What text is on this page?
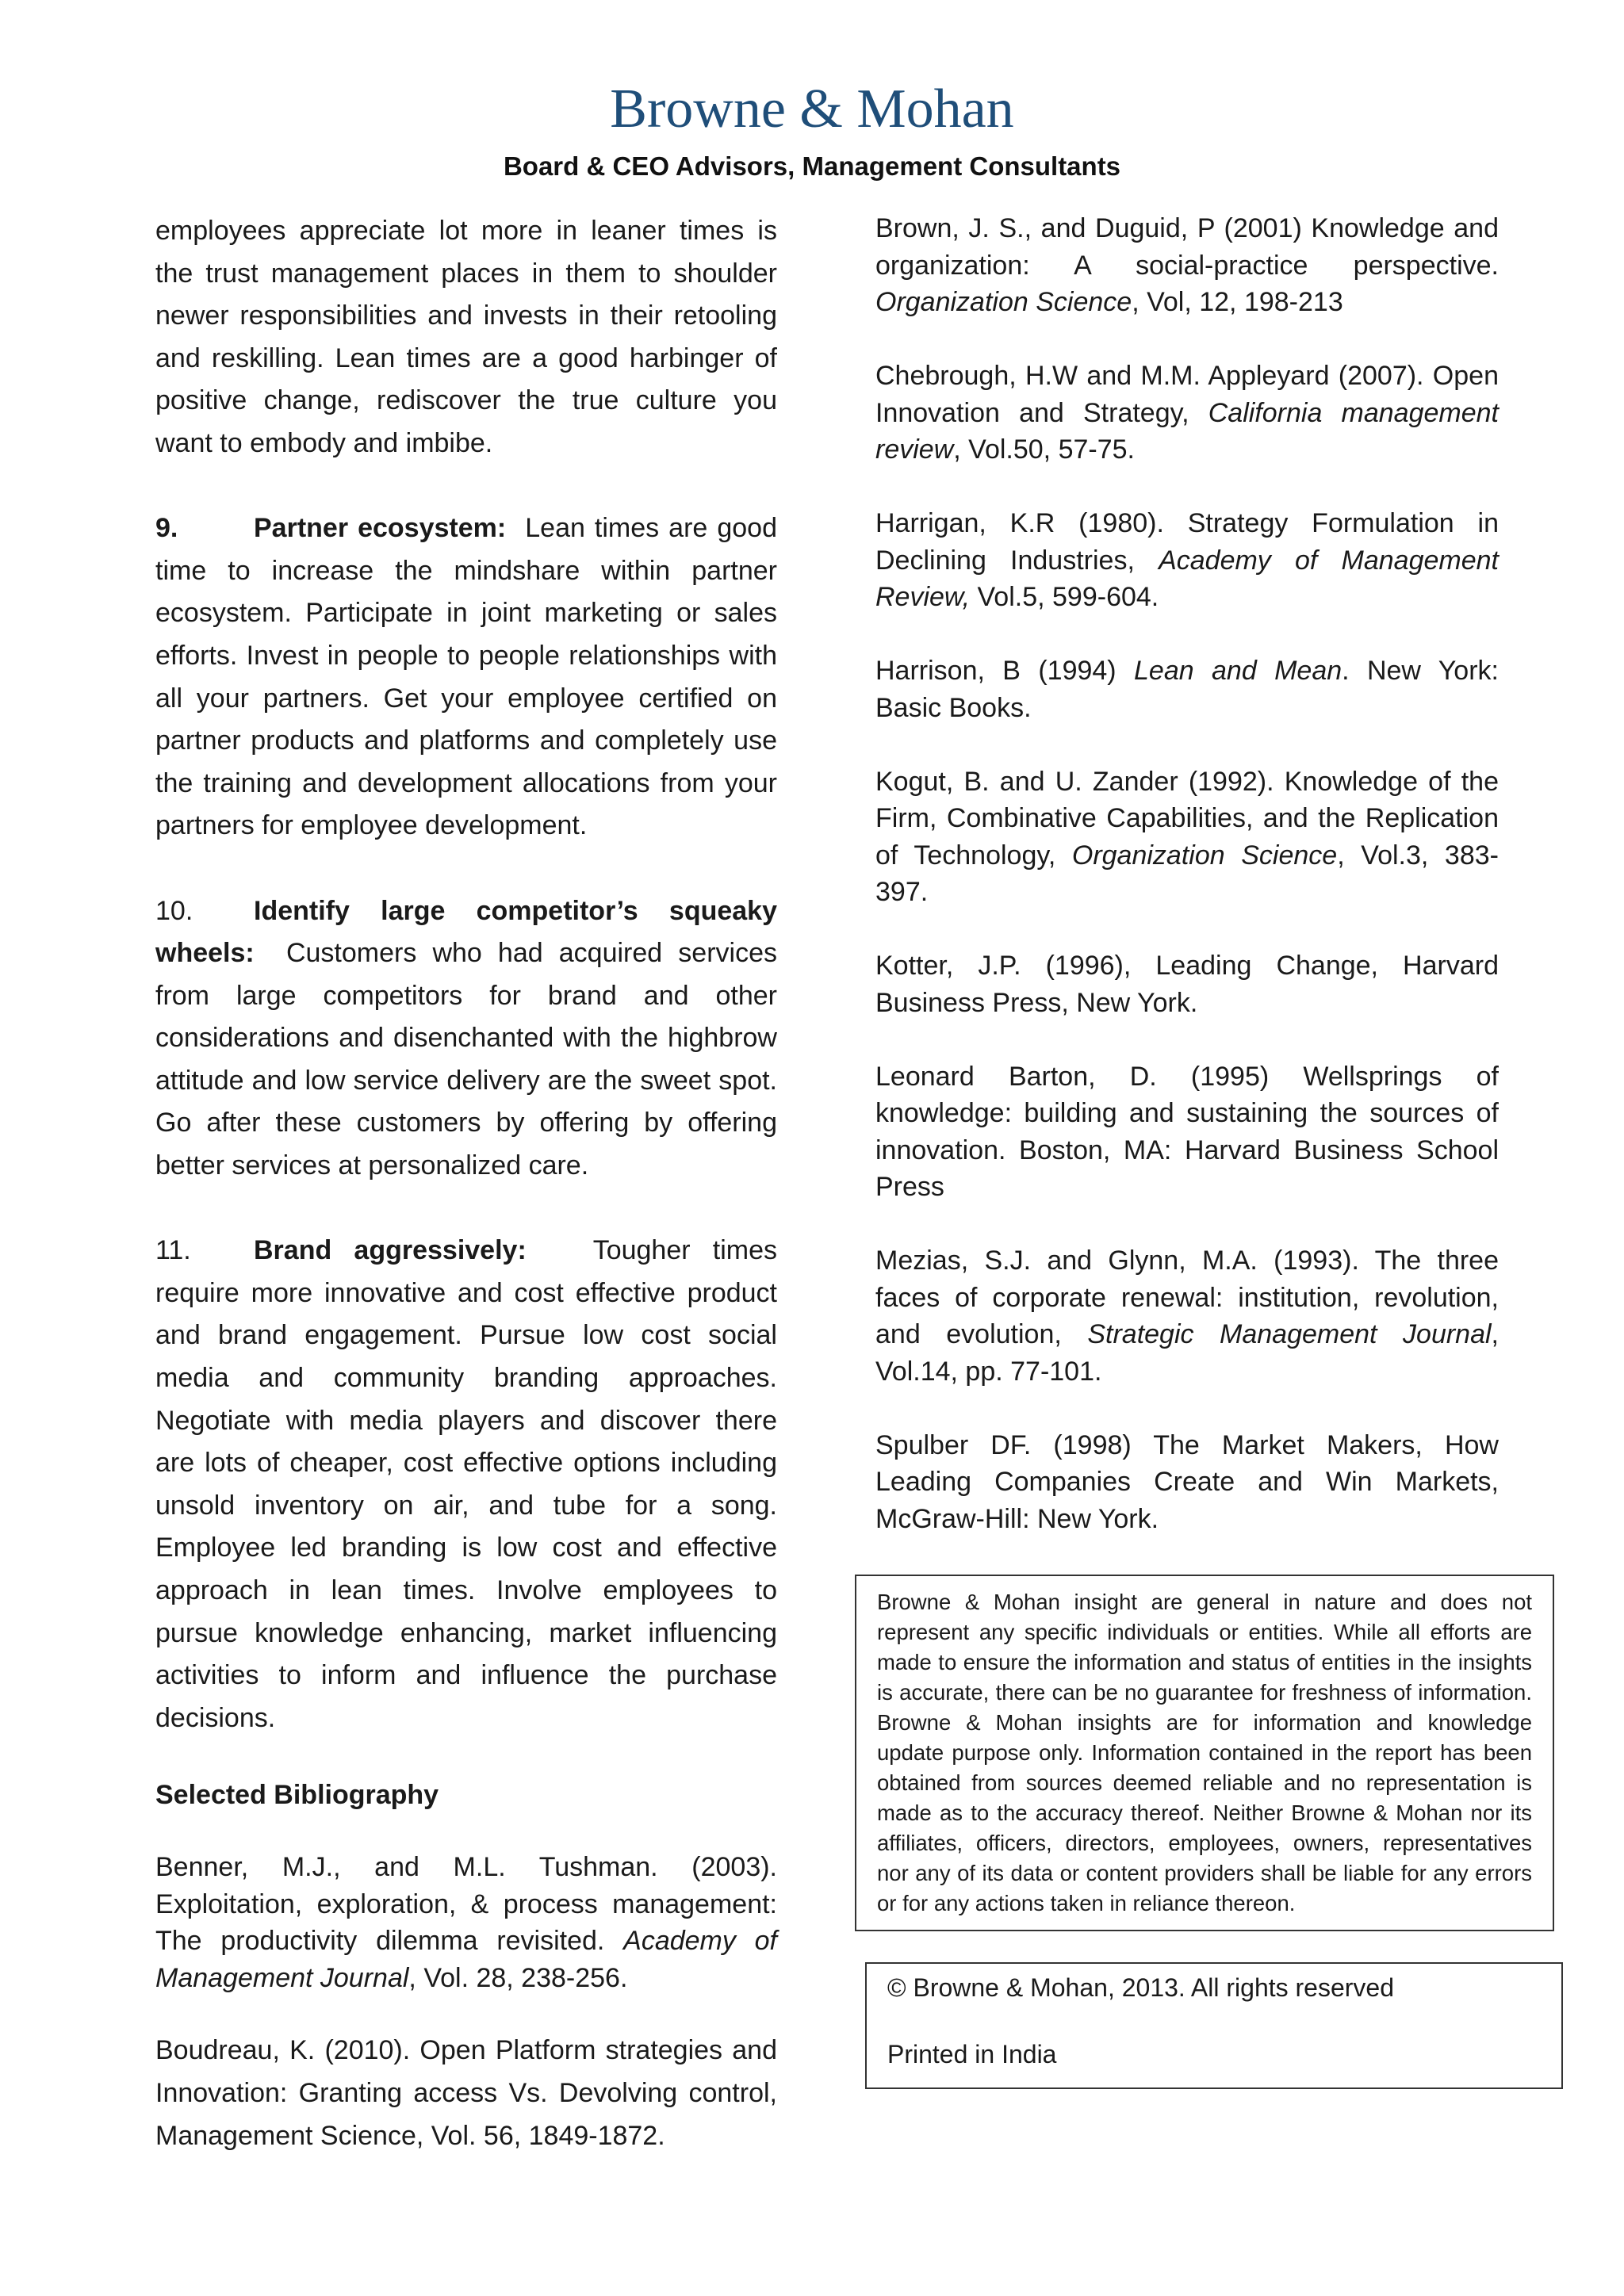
Browne & Mohan
Board & CEO Advisors, Management Consultants

employees appreciate lot more in leaner times is the trust management places in them to shoulder newer responsibilities and invests in their retooling and reskilling. Lean times are a good harbinger of positive change, rediscover the true culture you want to embody and imbibe.

9.	Partner ecosystem: Lean times are good time to increase the mindshare within partner ecosystem. Participate in joint marketing or sales efforts. Invest in people to people relationships with all your partners. Get your employee certified on partner products and platforms and completely use the training and development allocations from your partners for employee development.

10. Identify large competitor’s squeaky wheels: Customers who had acquired services from large competitors for brand and other considerations and disenchanted with the highbrow attitude and low service delivery are the sweet spot. Go after these customers by offering by offering better services at personalized care.

11. Brand aggressively: Tougher times require more innovative and cost effective product and brand engagement. Pursue low cost social media and community branding approaches. Negotiate with media players and discover there are lots of cheaper, cost effective options including unsold inventory on air, and tube for a song. Employee led branding is low cost and effective approach in lean times. Involve employees to pursue knowledge enhancing, market influencing activities to inform and influence the purchase decisions.

Selected Bibliography

Benner, M.J., and M.L. Tushman. (2003). Exploitation, exploration, & process management: The productivity dilemma revisited. Academy of Management Journal, Vol. 28, 238-256.

Boudreau, K. (2010). Open Platform strategies and Innovation: Granting access Vs. Devolving control, Management Science, Vol. 56, 1849-1872.

Brown, J. S., and Duguid, P (2001) Knowledge and organization: A social-practice perspective. Organization Science, Vol, 12, 198-213

Chebrough, H.W and M.M. Appleyard (2007). Open Innovation and Strategy, California management review, Vol.50, 57-75.

Harrigan, K.R (1980). Strategy Formulation in Declining Industries, Academy of Management Review, Vol.5, 599-604.

Harrison, B (1994) Lean and Mean. New York: Basic Books.

Kogut, B. and U. Zander (1992). Knowledge of the Firm, Combinative Capabilities, and the Replication of Technology, Organization Science, Vol.3, 383-397.

Kotter, J.P. (1996), Leading Change, Harvard Business Press, New York.

Leonard Barton, D. (1995) Wellsprings of knowledge: building and sustaining the sources of innovation. Boston, MA: Harvard Business School Press

Mezias, S.J. and Glynn, M.A. (1993). The three faces of corporate renewal: institution, revolution, and evolution, Strategic Management Journal, Vol.14, pp. 77-101.

Spulber DF. (1998) The Market Makers, How Leading Companies Create and Win Markets, McGraw-Hill: New York.

Browne & Mohan insight are general in nature and does not represent any specific individuals or entities. While all efforts are made to ensure the information and status of entities in the insights is accurate, there can be no guarantee for freshness of information. Browne & Mohan insights are for information and knowledge update purpose only. Information contained in the report has been obtained from sources deemed reliable and no representation is made as to the accuracy thereof. Neither Browne & Mohan nor its affiliates, officers, directors, employees, owners, representatives nor any of its data or content providers shall be liable for any errors or for any actions taken in reliance thereon.
© Browne & Mohan, 2013. All rights reserved
Printed in India
